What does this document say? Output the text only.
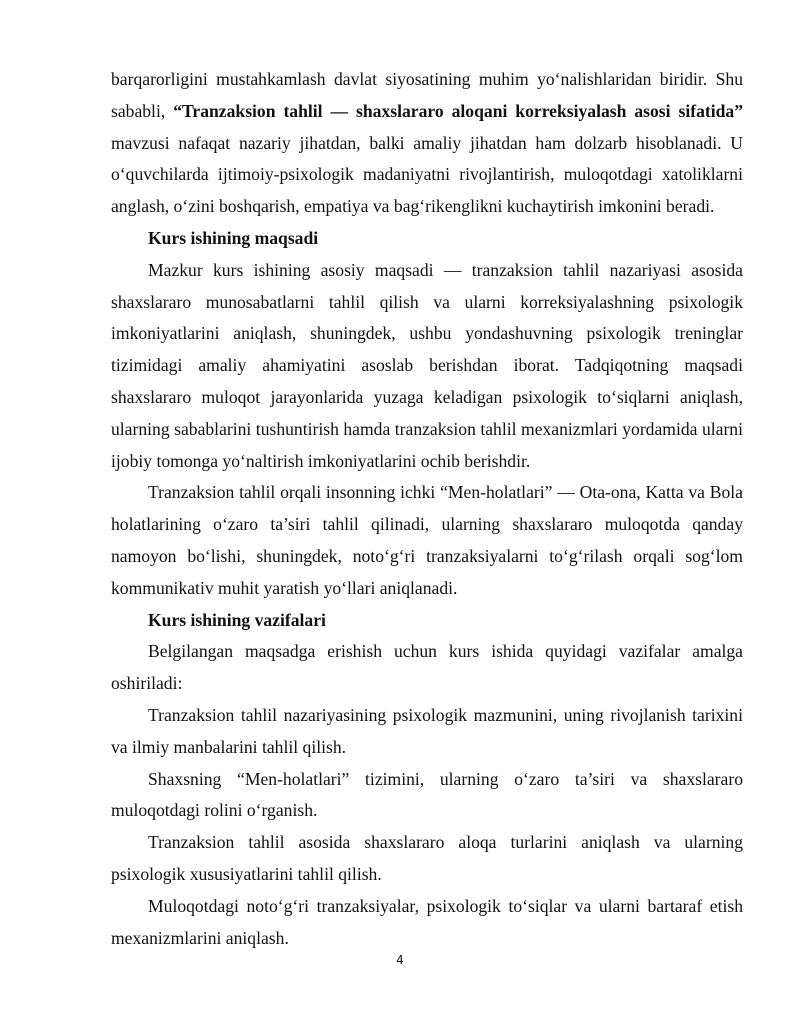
barqarorligini mustahkamlash davlat siyosatining muhim yo‘nalishlaridan biridir. Shu sababli, “Tranzaksion tahlil — shaxslararo aloqani korreksiyalash asosi sifatida” mavzusi nafaqat nazariy jihatdan, balki amaliy jihatdan ham dolzarb hisoblanadi. U o‘quvchilarda ijtimoiy-psixologik madaniyatni rivojlantirish, muloqotdagi xatoliklarni anglash, o‘zini boshqarish, empatiya va bag‘rikenglikni kuchaytirish imkonini beradi.

Kurs ishining maqsadi

Mazkur kurs ishining asosiy maqsadi — tranzaksion tahlil nazariyasi asosida shaxslararo munosabatlarni tahlil qilish va ularni korreksiyalashning psixologik imkoniyatlarini aniqlash, shuningdek, ushbu yondashuvning psixologik treninglar tizimidagi amaliy ahamiyatini asoslab berishdan iborat. Tadqiqotning maqsadi shaxslararo muloqot jarayonlarida yuzaga keladigan psixologik to‘siqlarni aniqlash, ularning sabablarini tushuntirish hamda tranzaksion tahlil mexanizmlari yordamida ularni ijobiy tomonga yo‘naltirish imkoniyatlarini ochib berishdir.

Tranzaksion tahlil orqali insonning ichki “Men-holatlari” — Ota-ona, Katta va Bola holatlarining o‘zaro ta’siri tahlil qilinadi, ularning shaxslararo muloqotda qanday namoyon bo‘lishi, shuningdek, noto‘g‘ri tranzaksiyalarni to‘g‘rilash orqali sog‘lom kommunikativ muhit yaratish yo‘llari aniqlanadi.

Kurs ishining vazifalari

Belgilangan maqsadga erishish uchun kurs ishida quyidagi vazifalar amalga oshiriladi:

Tranzaksion tahlil nazariyasining psixologik mazmunini, uning rivojlanish tarixini va ilmiy manbalarini tahlil qilish.

Shaxsning “Men-holatlari” tizimini, ularning o‘zaro ta’siri va shaxslararo muloqotdagi rolini o‘rganish.

Tranzaksion tahlil asosida shaxslararo aloqa turlarini aniqlash va ularning psixologik xususiyatlarini tahlil qilish.

Muloqotdagi noto‘g‘ri tranzaksiyalar, psixologik to‘siqlar va ularni bartaraf etish mexanizmlarini aniqlash.

4
